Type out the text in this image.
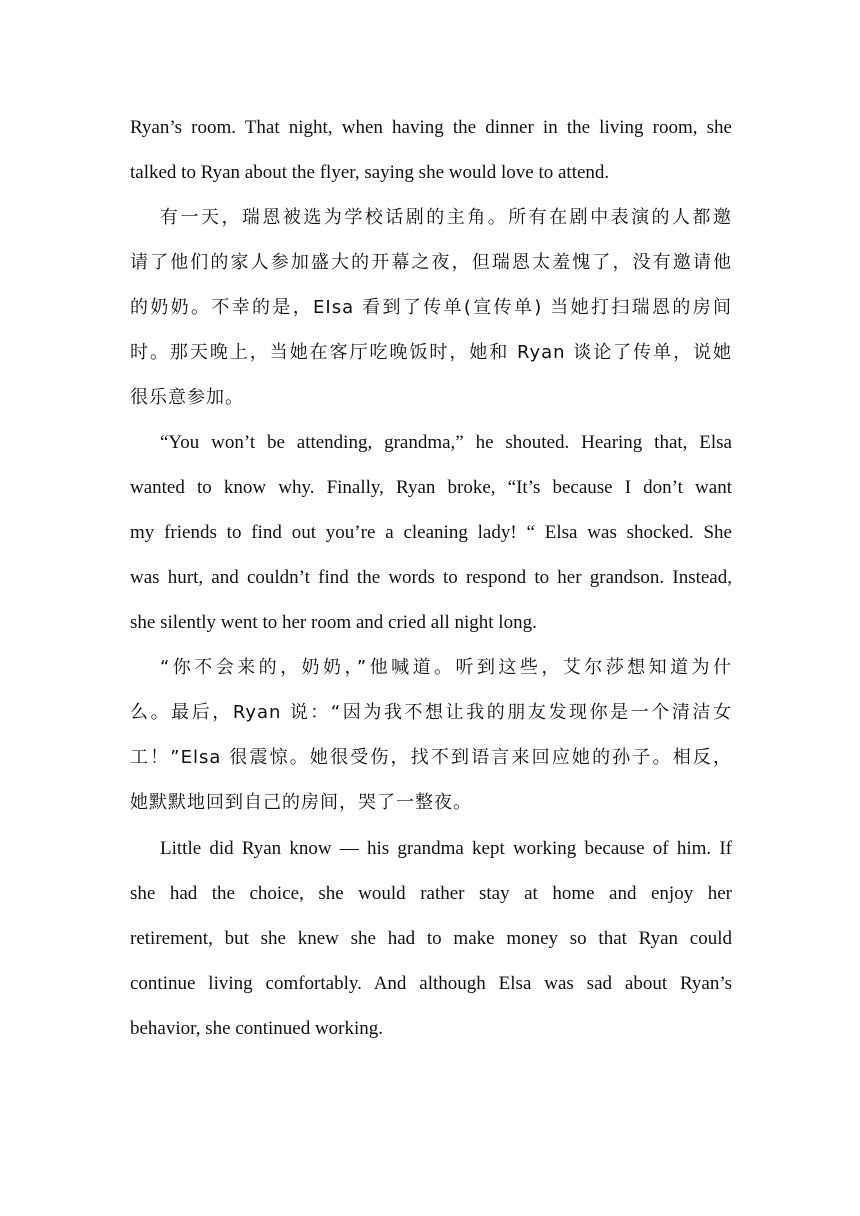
Ryan’s room. That night, when having the dinner in the living room, she
talked to Ryan about the flyer, saying she would love to attend.
有一天，瑞恩被选为学校话剧的主角。所有在剧中表演的人都邀
请了他们的家人参加盛大的开幕之夜，但瑞恩太羞愧了，没有邀请他
的奶奶。不幸的是，EIsa 看到了传单(宣传单) 当她打扫瑞恩的房间
时。那天晚上，当她在客厅吃晚饭时，她和 Ryan 谈论了传单，说她
很乐意参加。
“You won’t be attending, grandma,” he shouted. Hearing that, Elsa
wanted to know why. Finally, Ryan broke, “It’s because I don’t want
my friends to find out you’re a cleaning lady! “ Elsa was shocked. She
was hurt, and couldn’t find the words to respond to her grandson. Instead,
she silently went to her room and cried all night long.
“你不会来的，奶奶，”他喊道。听到这些，艾尔莎想知道为什
么。最后，Ryan 说：“因为我不想让我的朋友发现你是一个清洁女
工！”Elsa 很震惊。她很受伤，找不到语言来回应她的孙子。相反，
她默默地回到自己的房间，哭了一整夜。
Little did Ryan know — his grandma kept working because of him. If
she had the choice, she would rather stay at home and enjoy her
retirement, but she knew she had to make money so that Ryan could
continue living comfortably. And although Elsa was sad about Ryan’s
behavior, she continued working.
